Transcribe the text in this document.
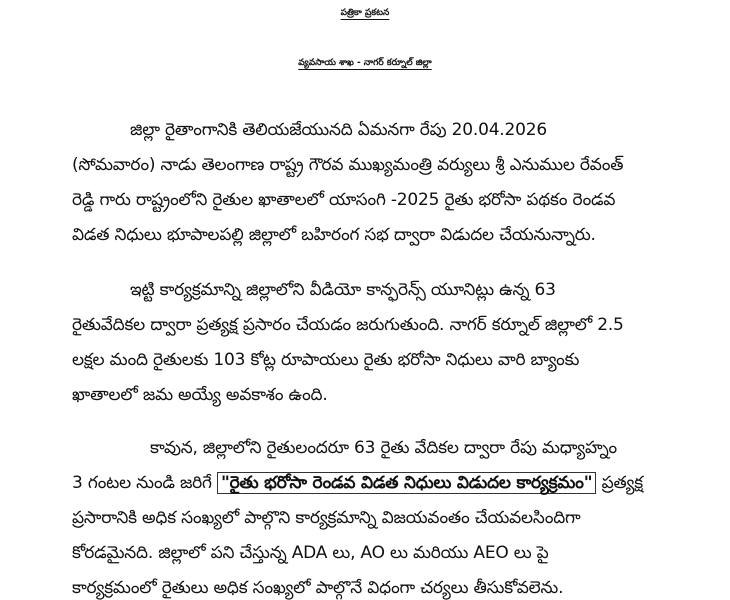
పత్రికా ప్రకటన
వ్యవసాయ శాఖ - నాగర్ కర్నూల్ జిల్లా
జిల్లా రైతాంగానికి తెలియజేయునది ఏమనగా రేపు 20.04.2026
(సోమవారం) నాడు తెలంగాణ రాష్ట్ర గౌరవ ముఖ్యమంత్రి వర్యులు శ్రీ ఎనుముల రేవంత్
రెడ్డి గారు రాష్ట్రంలోని రైతుల ఖాతాలలో యాసంగి -2025 రైతు భరోసా పథకం రెండవ
విడత నిధులు భూపాలపల్లి జిల్లాలో బహిరంగ సభ ద్వారా విడుదల చేయనున్నారు.
ఇట్టి కార్యక్రమాన్ని జిల్లాలోని వీడియో కాన్ఫరెన్స్ యూనిట్లు ఉన్న 63
రైతువేదికల ద్వారా ప్రత్యక్ష ప్రసారం చేయడం జరుగుతుంది. నాగర్ కర్నూల్ జిల్లాలో 2.5
లక్షల మంది రైతులకు 103 కోట్ల రూపాయలు రైతు భరోసా నిధులు వారి బ్యాంకు
ఖాతాలలో జమ అయ్యే అవకాశం ఉంది.
కావున, జిల్లాలోని రైతులందరూ 63 రైతు వేదికల ద్వారా రేపు మధ్యాహ్నం
3 గంటల నుండి జరిగే "రైతు భరోసా రెండవ విడత నిధులు విడుదల కార్యక్రమం" ప్రత్యక్ష
ప్రసారానికి అధిక సంఖ్యలో పాల్గొని కార్యక్రమాన్ని విజయవంతం చేయవలసిందిగా
కోరడమైనది. జిల్లాలో పని చేస్తున్న ADA లు, AO లు మరియు AEO లు పై
కార్యక్రమంలో రైతులు అధిక సంఖ్యలో పాల్గొనే విధంగా చర్యలు తీసుకోవలెను.
